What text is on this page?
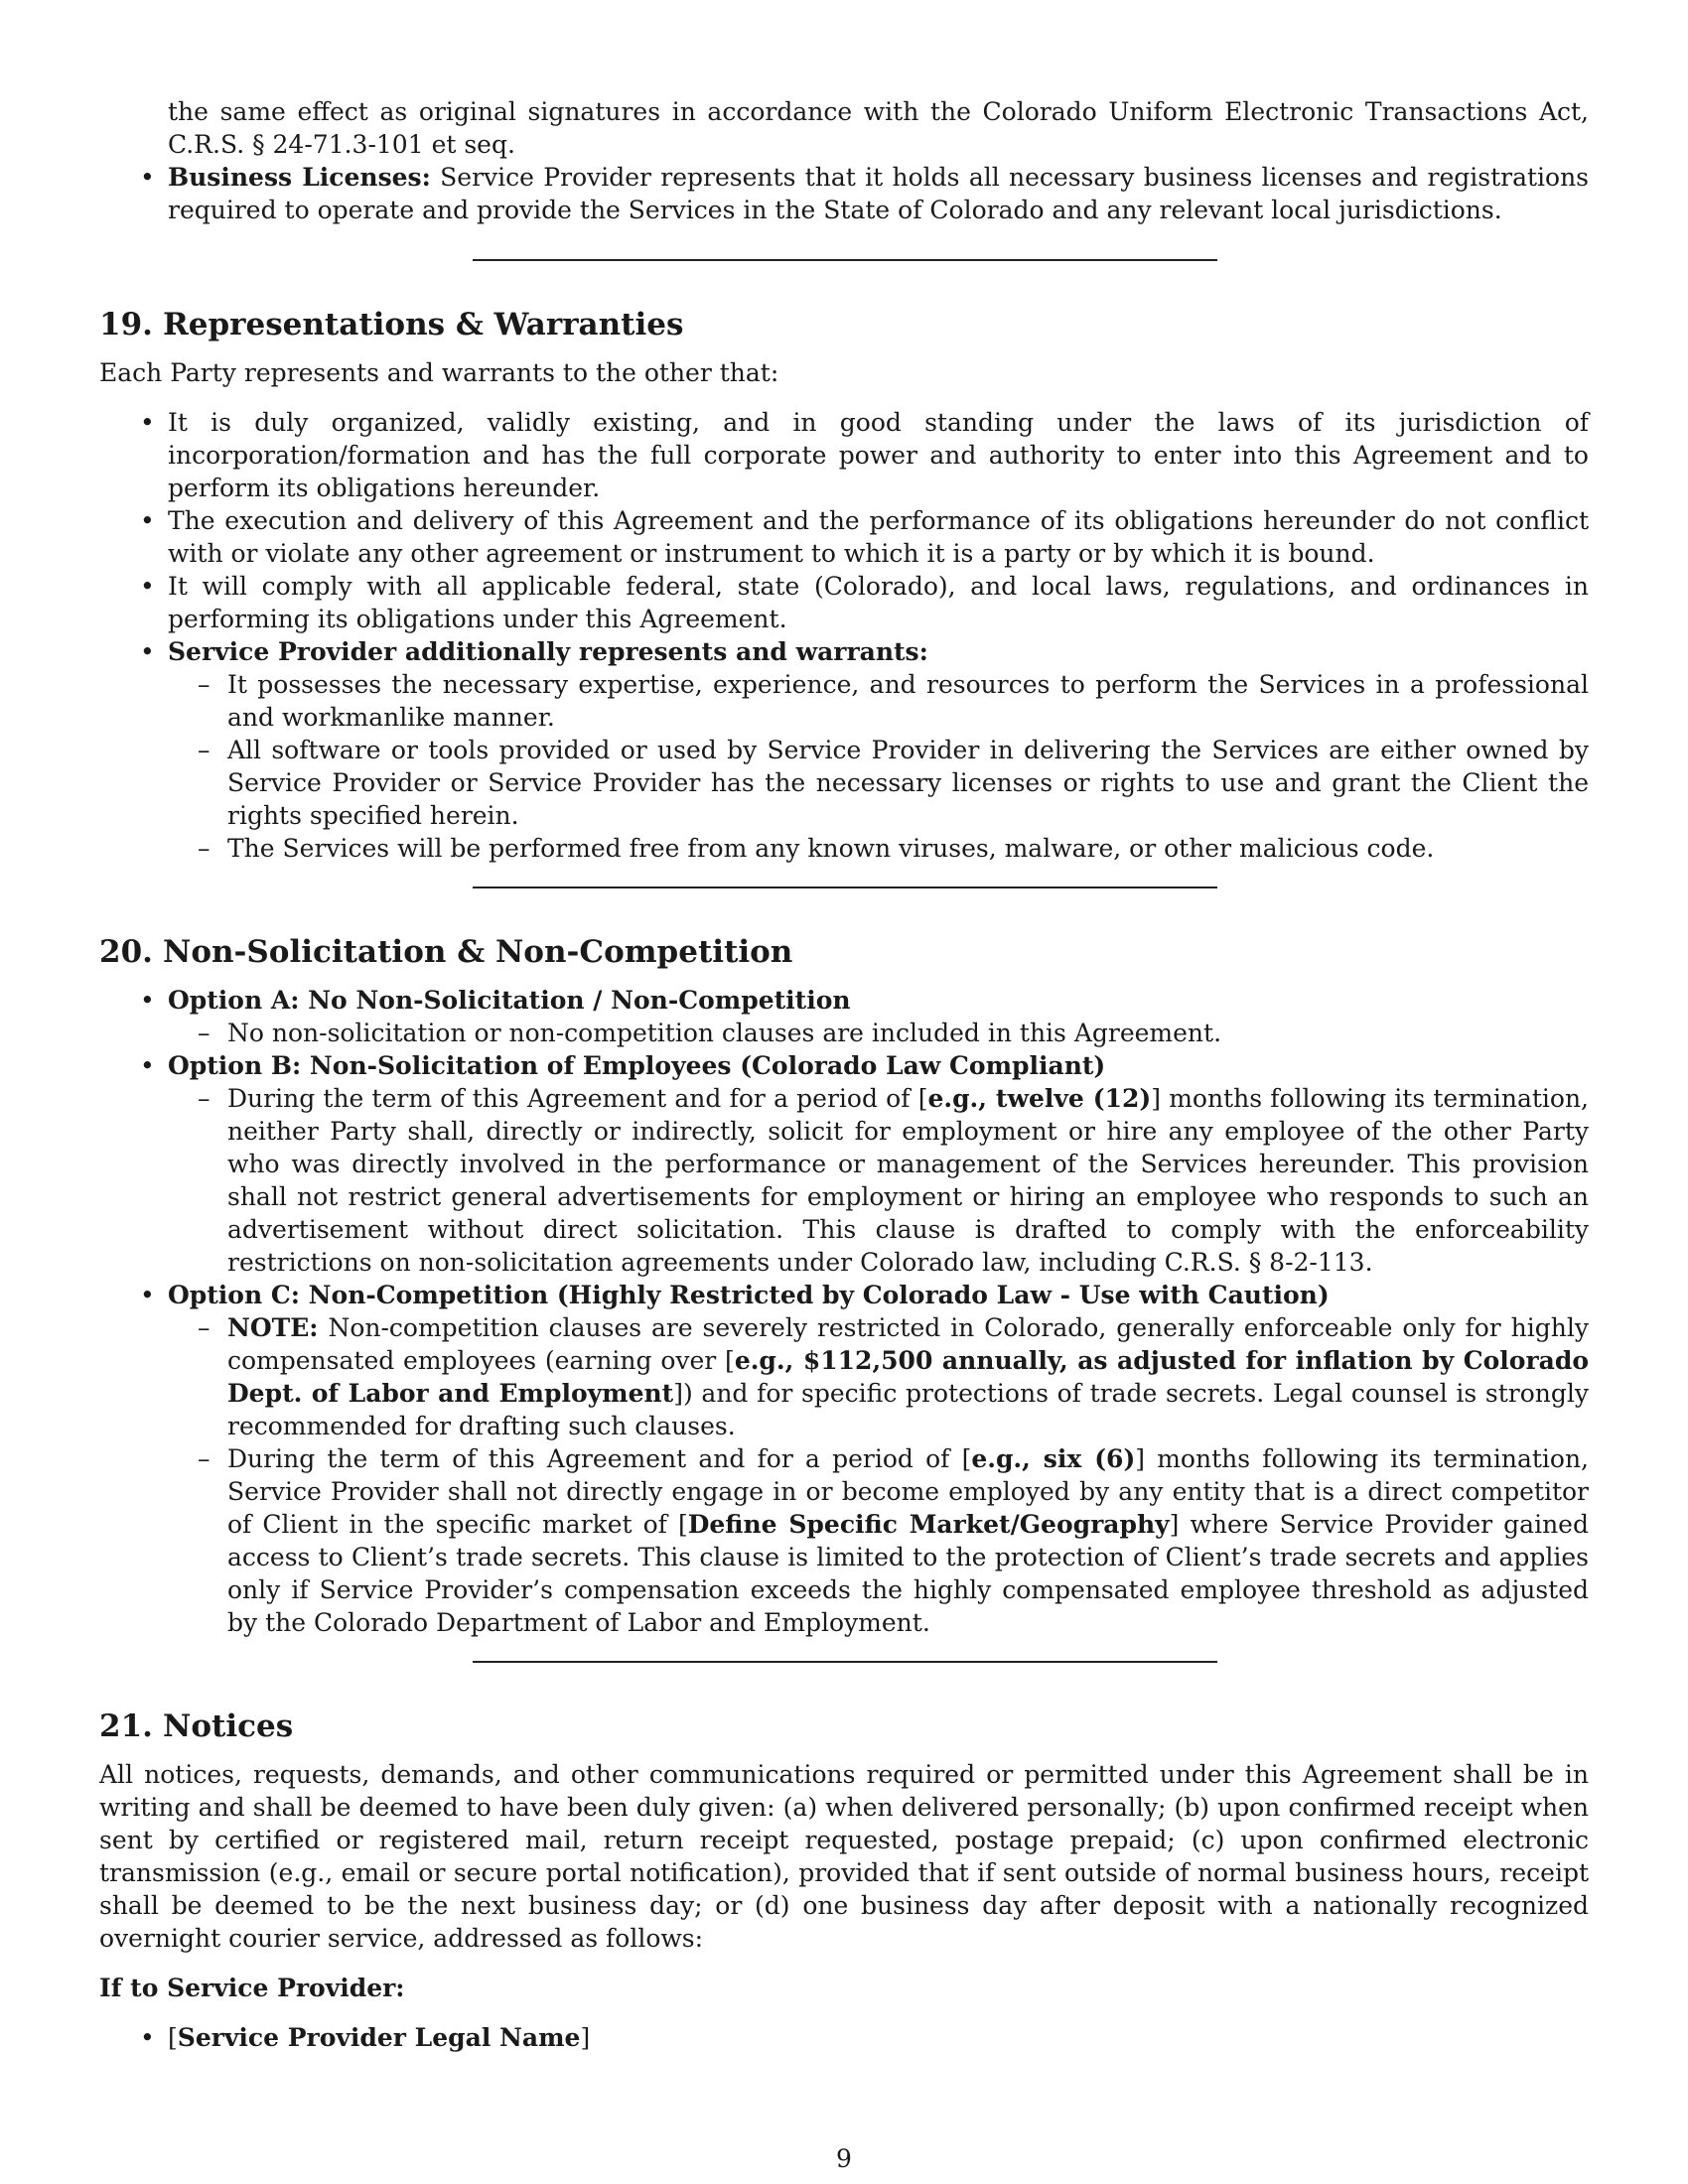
the same effect as original signatures in accordance with the Colorado Uniform Electronic Transactions Act, C.R.S. § 24-71.3-101 et seq.

• Business Licenses: Service Provider represents that it holds all necessary business licenses and registrations required to operate and provide the Services in the State of Colorado and any relevant local jurisdictions.
19. Representations & Warranties

Each Party represents and warrants to the other that:

• It is duly organized, validly existing, and in good standing under the laws of its jurisdiction of incorporation/formation and has the full corporate power and authority to enter into this Agreement and to perform its obligations hereunder.
• The execution and delivery of this Agreement and the performance of its obligations hereunder do not conflict with or violate any other agreement or instrument to which it is a party or by which it is bound.
• It will comply with all applicable federal, state (Colorado), and local laws, regulations, and ordinances in performing its obligations under this Agreement.
• Service Provider additionally represents and warrants:
– It possesses the necessary expertise, experience, and resources to perform the Services in a professional and workmanlike manner.
– All software or tools provided or used by Service Provider in delivering the Services are either owned by Service Provider or Service Provider has the necessary licenses or rights to use and grant the Client the rights specified herein.
– The Services will be performed free from any known viruses, malware, or other malicious code.
20. Non-Solicitation & Non-Competition
• Option A: No Non-Solicitation / Non-Competition
– No non-solicitation or non-competition clauses are included in this Agreement.
• Option B: Non-Solicitation of Employees (Colorado Law Compliant)
– During the term of this Agreement and for a period of [e.g., twelve (12)] months following its termination, neither Party shall, directly or indirectly, solicit for employment or hire any employee of the other Party who was directly involved in the performance or management of the Services hereunder. This provision shall not restrict general advertisements for employment or hiring an employee who responds to such an advertisement without direct solicitation. This clause is drafted to comply with the enforceability restrictions on non-solicitation agreements under Colorado law, including C.R.S. § 8-2-113.
• Option C: Non-Competition (Highly Restricted by Colorado Law - Use with Caution)
– NOTE: Non-competition clauses are severely restricted in Colorado, generally enforceable only for highly compensated employees (earning over [e.g., $112,500 annually, as adjusted for inflation by Colorado Dept. of Labor and Employment]) and for specific protections of trade secrets. Legal counsel is strongly recommended for drafting such clauses.
– During the term of this Agreement and for a period of [e.g., six (6)] months following its termination, Service Provider shall not directly engage in or become employed by any entity that is a direct competitor of Client in the specific market of [Define Specific Market/Geography] where Service Provider gained access to Client’s trade secrets. This clause is limited to the protection of Client’s trade secrets and applies only if Service Provider’s compensation exceeds the highly compensated employee threshold as adjusted by the Colorado Department of Labor and Employment.
21. Notices

All notices, requests, demands, and other communications required or permitted under this Agreement shall be in writing and shall be deemed to have been duly given: (a) when delivered personally; (b) upon confirmed receipt when sent by certified or registered mail, return receipt requested, postage prepaid; (c) upon confirmed electronic transmission (e.g., email or secure portal notification), provided that if sent outside of normal business hours, receipt shall be deemed to be the next business day; or (d) one business day after deposit with a nationally recognized overnight courier service, addressed as follows:

If to Service Provider:

• [Service Provider Legal Name]
9
